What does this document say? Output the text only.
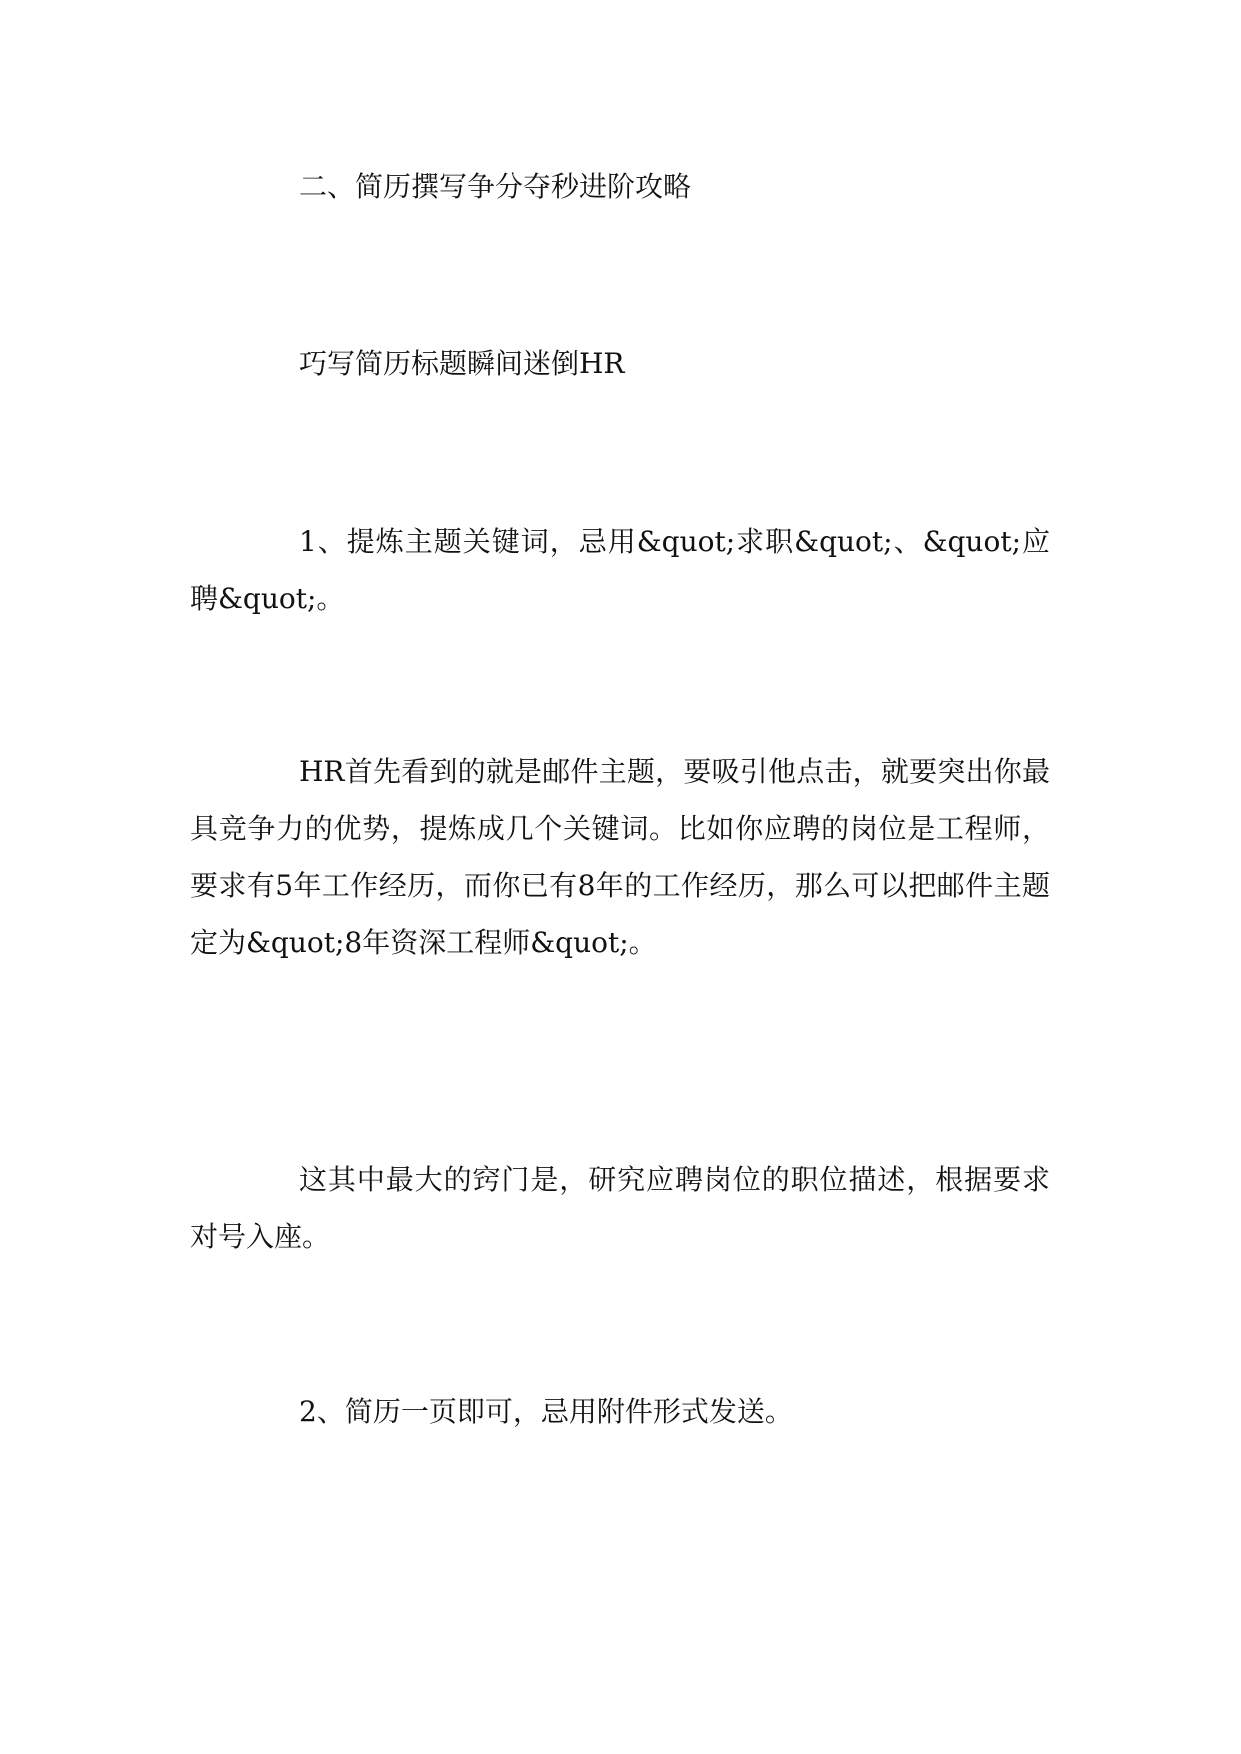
二、简历撰写争分夺秒进阶攻略

巧写简历标题瞬间迷倒HR

1、提炼主题关键词，忌用&quot;求职&quot;、&quot;应聘&quot;。

HR首先看到的就是邮件主题，要吸引他点击，就要突出你最具竞争力的优势，提炼成几个关键词。比如你应聘的岗位是工程师，要求有5年工作经历，而你已有8年的工作经历，那么可以把邮件主题定为&quot;8年资深工程师&quot;。

这其中最大的窍门是，研究应聘岗位的职位描述，根据要求对号入座。

2、简历一页即可，忌用附件形式发送。
